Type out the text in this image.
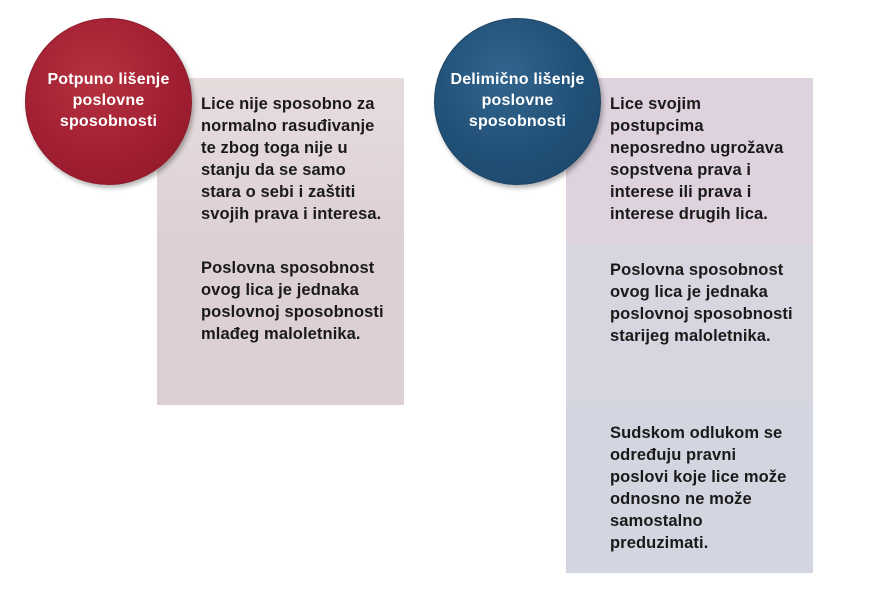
Lice nije sposobno za normalno rasuđivanje te zbog toga nije u stanju da se samo stara o sebi i zaštiti svojih prava i interesa.
Poslovna sposobnost ovog lica je jednaka poslovnoj sposobnosti mlađeg maloletnika.
Lice svojim postupcima neposredno ugrožava sopstvena prava i interese ili prava i interese drugih lica.
Poslovna sposobnost ovog lica je jednaka poslovnoj sposobnosti starijeg maloletnika.
Sudskom odlukom se određuju pravni poslovi koje lice može odnosno ne može samostalno preduzimati.
Potpuno lišenje poslovne sposobnosti
Delimično lišenje poslovne sposobnosti
